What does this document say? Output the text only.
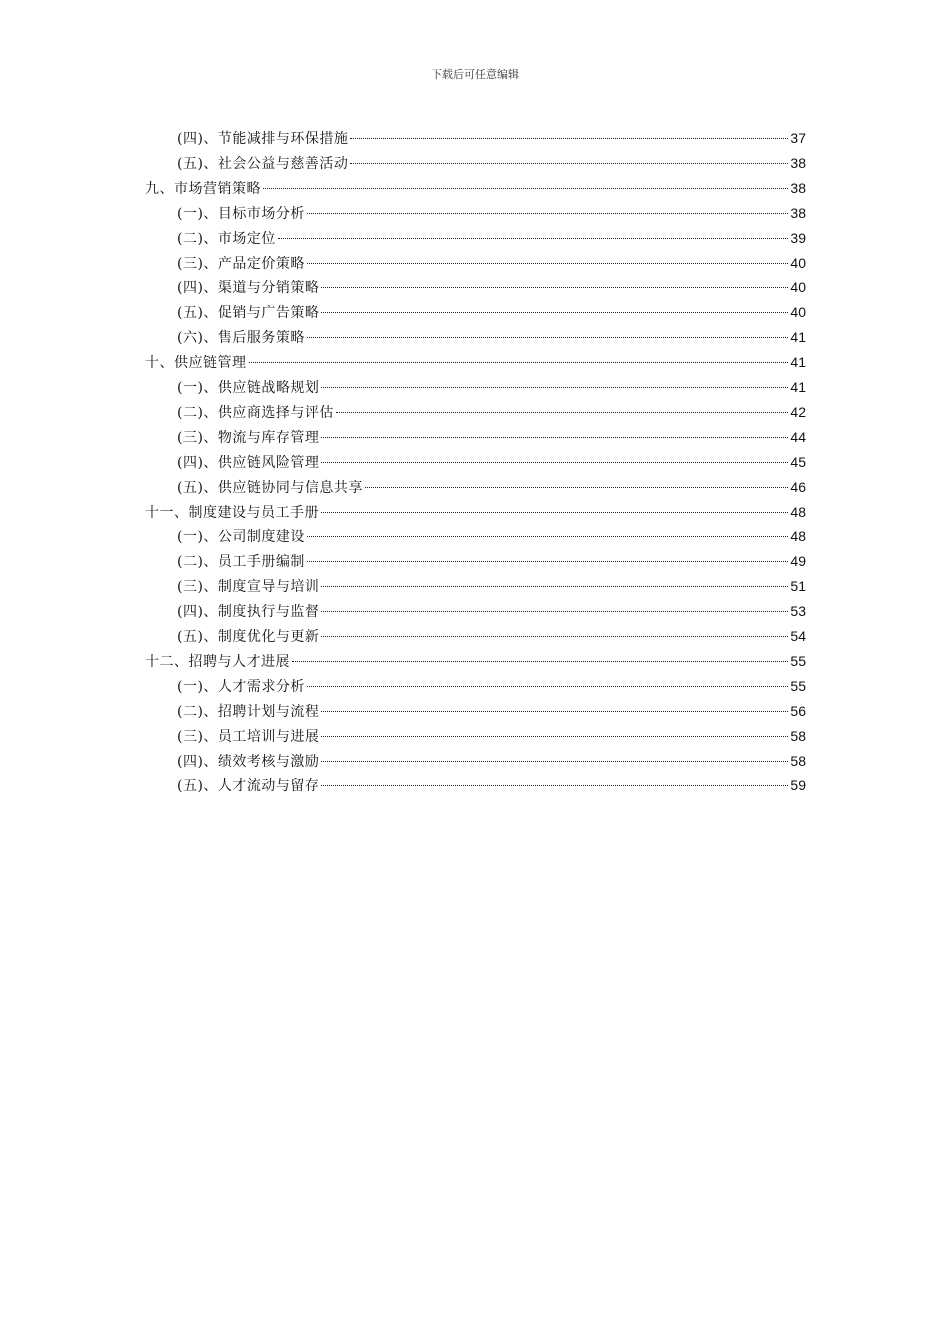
下载后可任意编辑
(四)、节能减排与环保措施	37
(五)、社会公益与慈善活动	38
九、市场营销策略	38
(一)、目标市场分析	38
(二)、市场定位	39
(三)、产品定价策略	40
(四)、渠道与分销策略	40
(五)、促销与广告策略	40
(六)、售后服务策略	41
十、供应链管理	41
(一)、供应链战略规划	41
(二)、供应商选择与评估	42
(三)、物流与库存管理	44
(四)、供应链风险管理	45
(五)、供应链协同与信息共享	46
十一、制度建设与员工手册	48
(一)、公司制度建设	48
(二)、员工手册编制	49
(三)、制度宣导与培训	51
(四)、制度执行与监督	53
(五)、制度优化与更新	54
十二、招聘与人才进展	55
(一)、人才需求分析	55
(二)、招聘计划与流程	56
(三)、员工培训与进展	58
(四)、绩效考核与激励	58
(五)、人才流动与留存	59
